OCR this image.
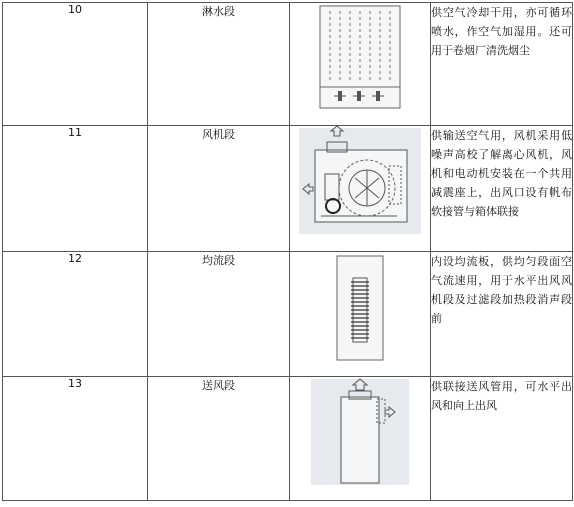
10	淋水段		供空气冷却干用，亦可循环喷水，作空气加湿用。还可用于卷烟厂清洗烟尘
11	风机段		供输送空气用，风机采用低噪声高校了解离心风机，风机和电动机安装在一个共用减震座上，出风口设有帆布软接管与箱体联接
12	均流段		内设均流板，供均匀段面空气流速用，用于水平出风风机段及过滤段加热段消声段前
13	送风段		供联接送风管用，可水平出风和向上出风
